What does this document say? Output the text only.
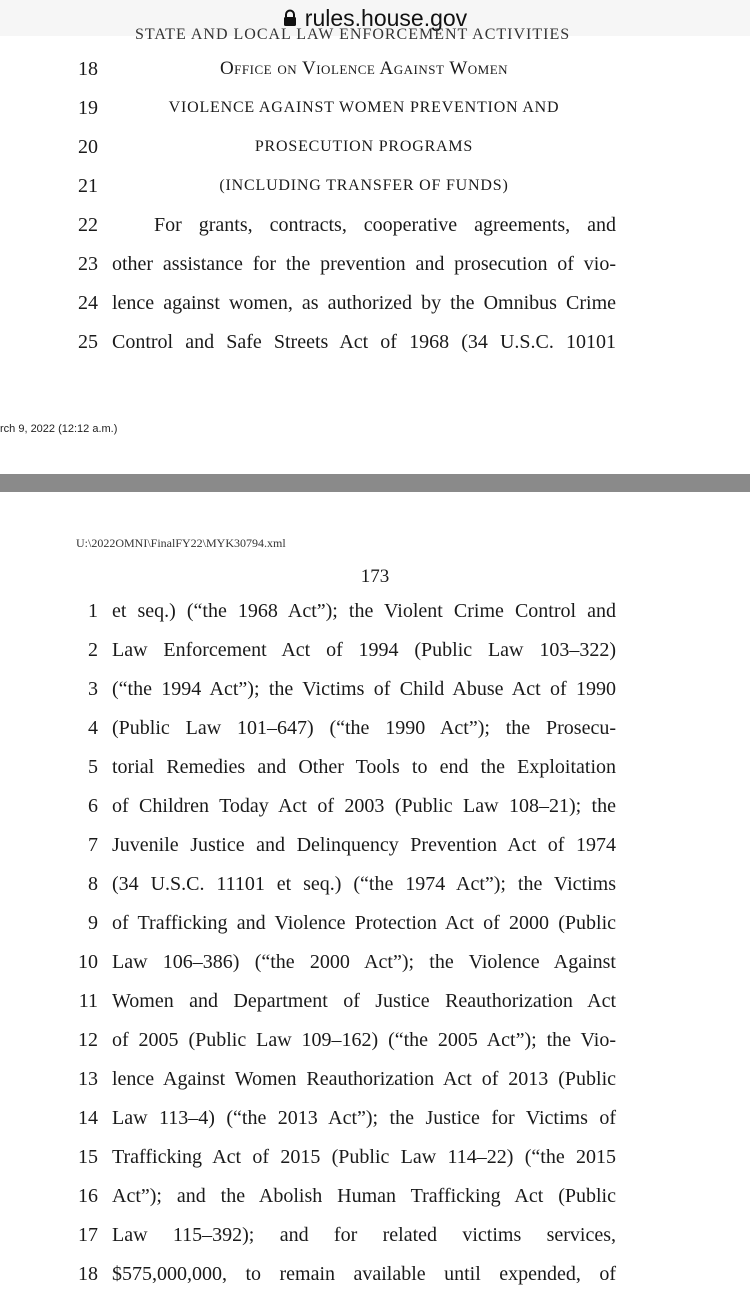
rules.house.gov
STATE AND LOCAL LAW ENFORCEMENT ACTIVITIES
18	Office on Violence Against Women
19	VIOLENCE AGAINST WOMEN PREVENTION AND
20	PROSECUTION PROGRAMS
21	(INCLUDING TRANSFER OF FUNDS)
22	For grants, contracts, cooperative agreements, and
23 other assistance for the prevention and prosecution of vio-
24 lence against women, as authorized by the Omnibus Crime
25 Control and Safe Streets Act of 1968 (34 U.S.C. 10101
rch 9, 2022 (12:12 a.m.)
U:\2022OMNI\FinalFY22\MYK30794.xml
173
1 et seq.) (“the 1968 Act”); the Violent Crime Control and
2 Law Enforcement Act of 1994 (Public Law 103–322)
3 (“the 1994 Act”); the Victims of Child Abuse Act of 1990
4 (Public Law 101–647) (“the 1990 Act”); the Prosecu-
5 torial Remedies and Other Tools to end the Exploitation
6 of Children Today Act of 2003 (Public Law 108–21); the
7 Juvenile Justice and Delinquency Prevention Act of 1974
8 (34 U.S.C. 11101 et seq.) (“the 1974 Act”); the Victims
9 of Trafficking and Violence Protection Act of 2000 (Public
10 Law 106–386) (“the 2000 Act”); the Violence Against
11 Women and Department of Justice Reauthorization Act
12 of 2005 (Public Law 109–162) (“the 2005 Act”); the Vio-
13 lence Against Women Reauthorization Act of 2013 (Public
14 Law 113–4) (“the 2013 Act”); the Justice for Victims of
15 Trafficking Act of 2015 (Public Law 114–22) (“the 2015
16 Act”); and the Abolish Human Trafficking Act (Public
17 Law 115–392); and for related victims services,
18 $575,000,000, to remain available until expended, of
